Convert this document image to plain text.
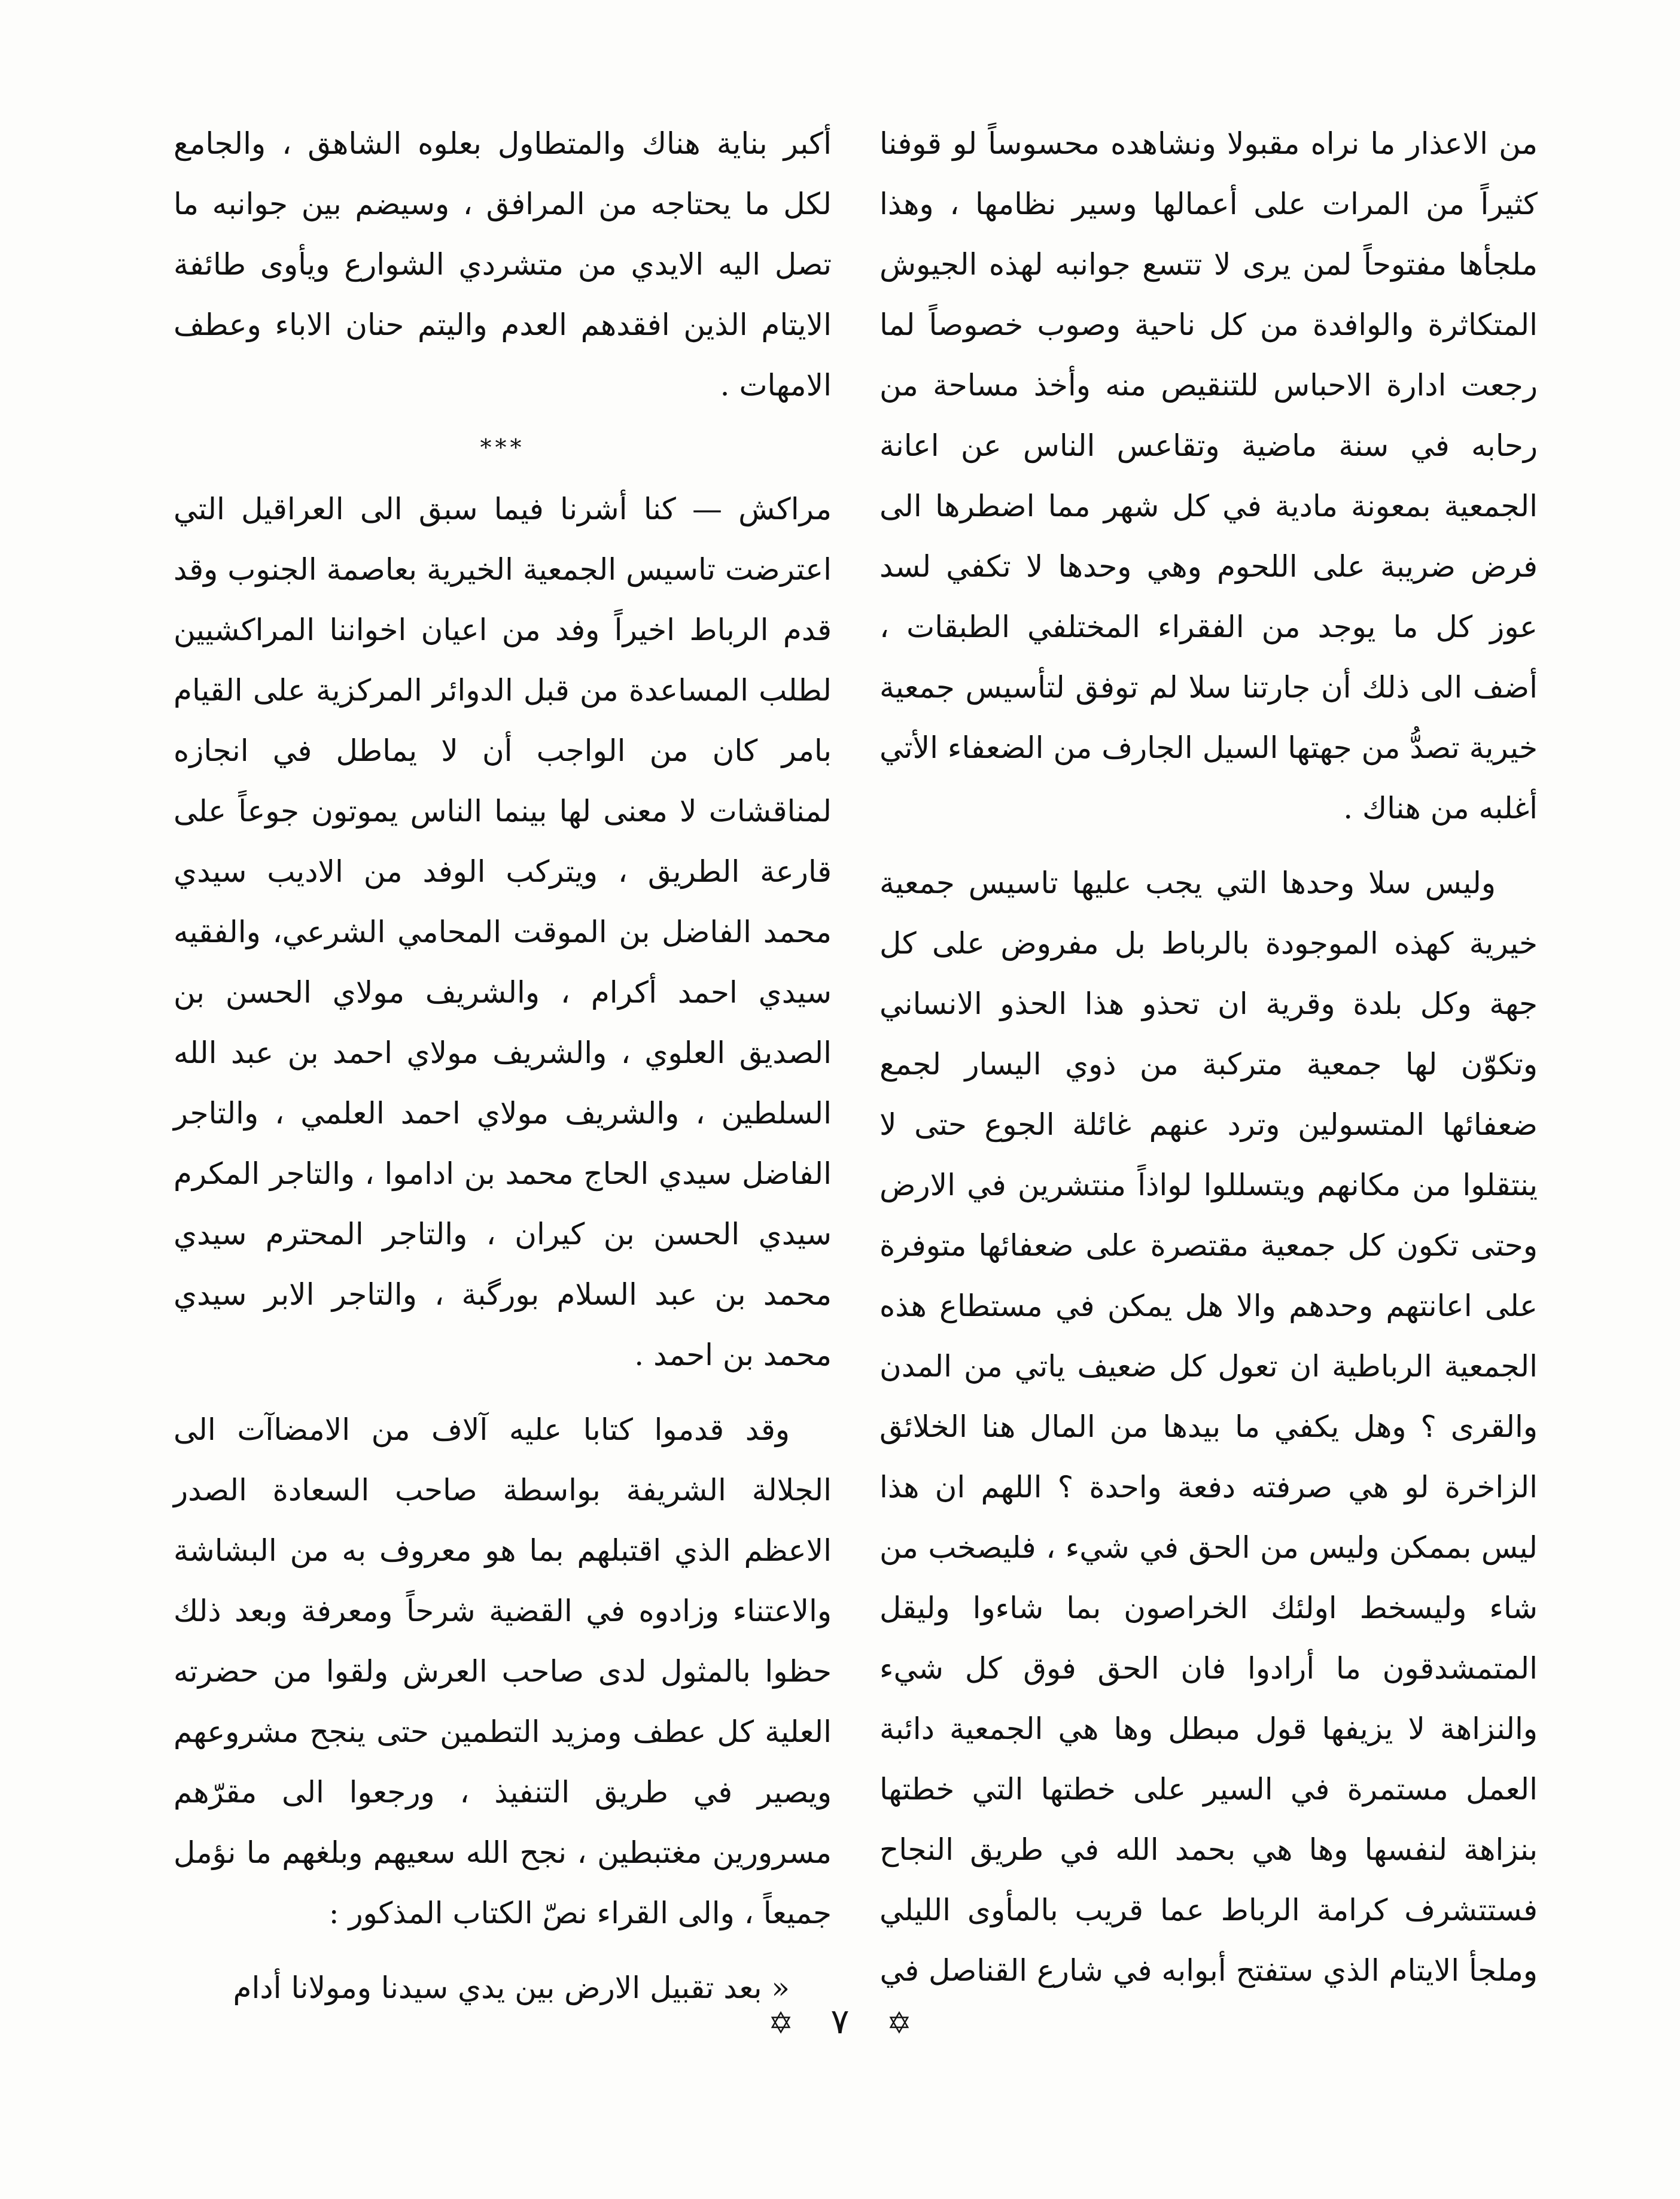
من الاعذار ما نراه مقبولا ونشاهده محسوساً لو قوفنا كثيراً من المرات على أعمالها وسير نظامها ، وهذا ملجأها مفتوحاً لمن يرى لا تتسع جوانبه لهذه الجيوش المتكاثرة والوافدة من كل ناحية وصوب خصوصاً لما رجعت ادارة الاحباس للتنقيص منه وأخذ مساحة من رحابه في سنة ماضية وتقاعس الناس عن اعانة الجمعية بمعونة مادية في كل شهر مما اضطرها الى فرض ضريبة على اللحوم وهي وحدها لا تكفي لسد عوز كل ما يوجد من الفقراء المختلفي الطبقات ، أضف الى ذلك أن جارتنا سلا لم توفق لتأسيس جمعية خيرية تصدُّ من جهتها السيل الجارف من الضعفاء الأتي أغلبه من هناك .

وليس سلا وحدها التي يجب عليها تاسيس جمعية خيرية كهذه الموجودة بالرباط بل مفروض على كل جهة وكل بلدة وقرية ان تحذو هذا الحذو الانساني وتكوّن لها جمعية متركبة من ذوي اليسار لجمع ضعفائها المتسولين وترد عنهم غائلة الجوع حتى لا ينتقلوا من مكانهم ويتسللوا لواذاً منتشرين في الارض وحتى تكون كل جمعية مقتصرة على ضعفائها متوفرة على اعانتهم وحدهم والا هل يمكن في مستطاع هذه الجمعية الرباطية ان تعول كل ضعيف ياتي من المدن والقرى ؟ وهل يكفي ما بيدها من المال هنا الخلائق الزاخرة لو هي صرفته دفعة واحدة ؟ اللهم ان هذا ليس بممكن وليس من الحق في شيء ، فليصخب من شاء وليسخط اولئك الخراصون بما شاءوا وليقل المتمشدقون ما أرادوا فان الحق فوق كل شيء والنزاهة لا يزيفها قول مبطل وها هي الجمعية دائبة العمل مستمرة في السير على خطتها التي خطتها بنزاهة لنفسها وها هي بحمد الله في طريق النجاح فستتشرف كرامة الرباط عما قريب بالمأوى الليلي وملجأ الايتام الذي ستفتح أبوابه في شارع القناصل في

أكبر بناية هناك والمتطاول بعلوه الشاهق ، والجامع لكل ما يحتاجه من المرافق ، وسيضم بين جوانبه ما تصل اليه الايدي من متشردي الشوارع ويأوى طائفة الايتام الذين افقدهم العدم واليتم حنان الاباء وعطف الامهات .

***

مراكش — كنا أشرنا فيما سبق الى العراقيل التي اعترضت تاسيس الجمعية الخيرية بعاصمة الجنوب وقد قدم الرباط اخيراً وفد من اعيان اخواننا المراكشيين لطلب المساعدة من قبل الدوائر المركزية على القيام بامر كان من الواجب أن لا يماطل في انجازه لمناقشات لا معنى لها بينما الناس يموتون جوعاً على قارعة الطريق ، ويتركب الوفد من الاديب سيدي محمد الفاضل بن الموقت المحامي الشرعي، والفقيه سيدي احمد أكرام ، والشريف مولاي الحسن بن الصديق العلوي ، والشريف مولاي احمد بن عبد الله السلطين ، والشريف مولاي احمد العلمي ، والتاجر الفاضل سيدي الحاج محمد بن اداموا ، والتاجر المكرم سيدي الحسن بن كيران ، والتاجر المحترم سيدي محمد بن عبد السلام بورگبة ، والتاجر الابر سيدي محمد بن احمد .

وقد قدموا كتابا عليه آلاف من الامضاآت الى الجلالة الشريفة بواسطة صاحب السعادة الصدر الاعظم الذي اقتبلهم بما هو معروف به من البشاشة والاعتناء وزادوه في القضية شرحاً ومعرفة وبعد ذلك حظوا بالمثول لدى صاحب العرش ولقوا من حضرته العلية كل عطف ومزيد التطمين حتى ينجح مشروعهم ويصير في طريق التنفيذ ، ورجعوا الى مقرّهم مسرورين مغتبطين ، نجح الله سعيهم وبلغهم ما نؤمل جميعاً ، والى القراء نصّ الكتاب المذكور :

« بعد تقبيل الارض بين يدي سيدنا ومولانا أدام

✡ ٧ ✡
